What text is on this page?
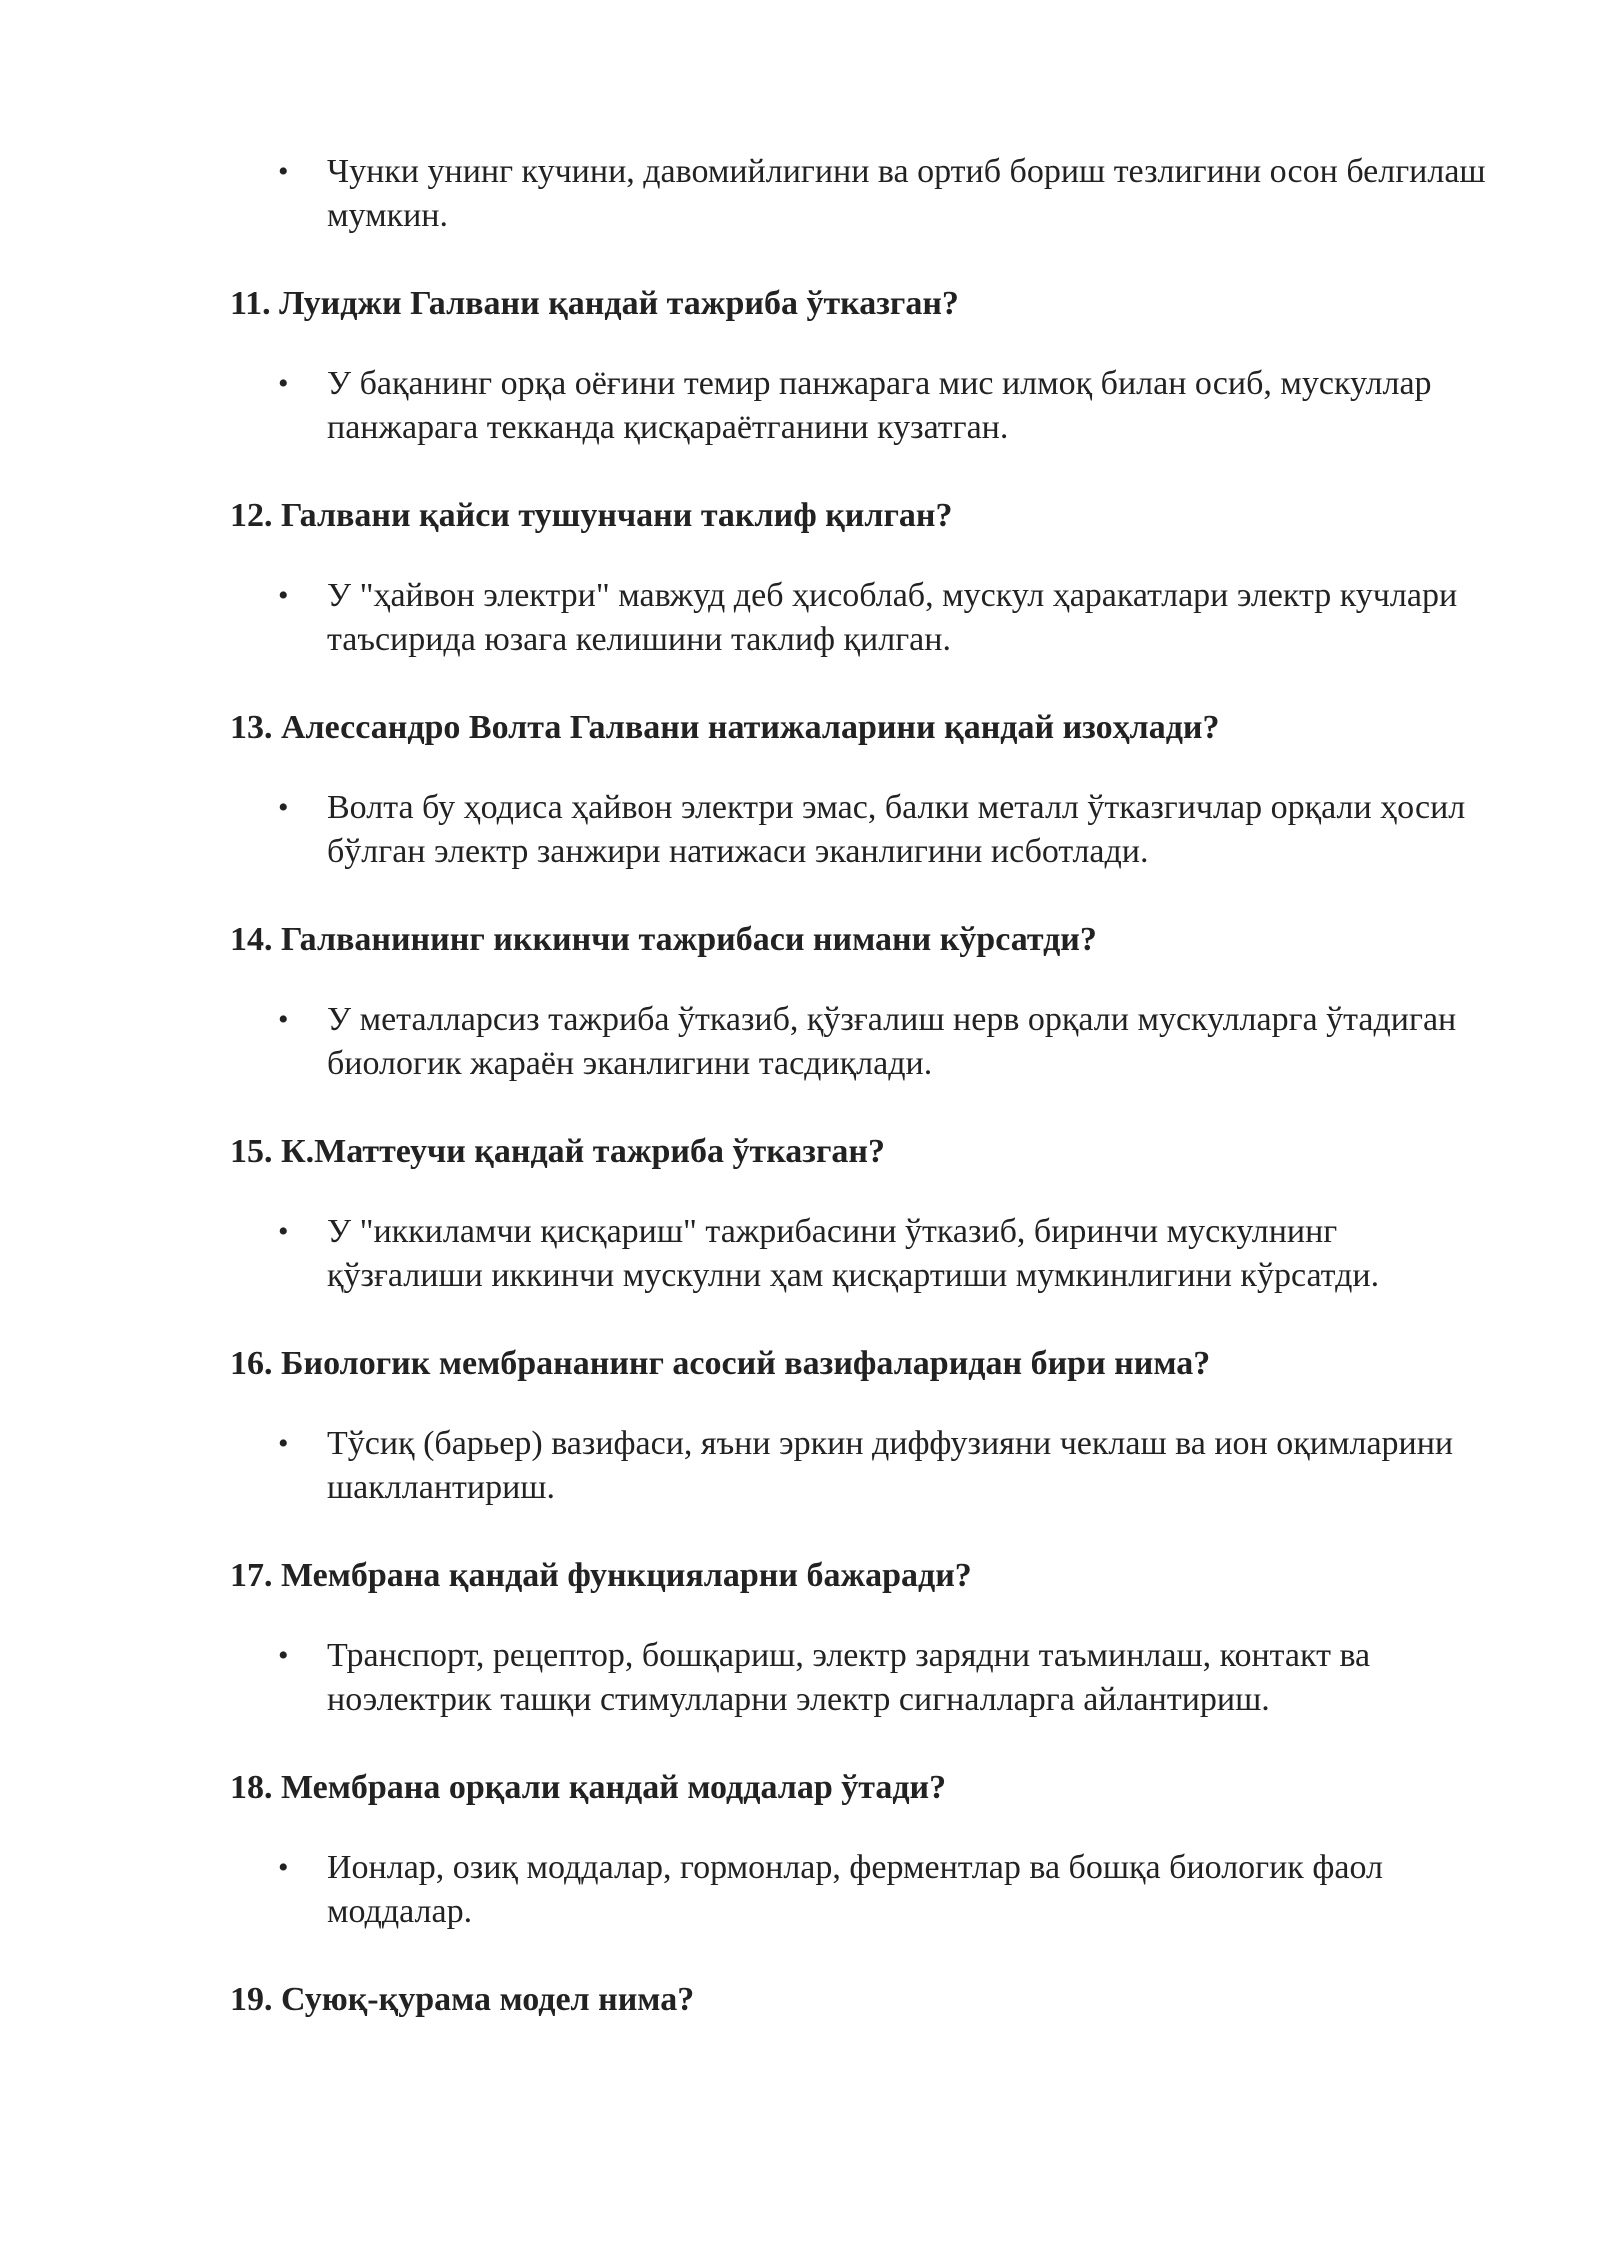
• Чунки унинг кучини, давомийлигини ва ортиб бориш тезлигини осон белгилаш мумкин.

11. Луиджи Галвани қандай тажриба ўтказган?

• У бақанинг орқа оёғини темир панжарага мис илмоқ билан осиб, мускуллар панжарага текканда қисқараётганини кузатган.

12. Галвани қайси тушунчани таклиф қилган?

• У "ҳайвон электри" мавжуд деб ҳисоблаб, мускул ҳаракатлари электр кучлари таъсирида юзага келишини таклиф қилган.

13. Алессандро Волта Галвани натижаларини қандай изоҳлади?

• Волта бу ҳодиса ҳайвон электри эмас, балки металл ўтказгичлар орқали ҳосил бўлган электр занжири натижаси эканлигини исботлади.

14. Галванининг иккинчи тажрибаси нимани кўрсатди?

• У металларсиз тажриба ўтказиб, қўзғалиш нерв орқали мускулларга ўтадиган биологик жараён эканлигини тасдиқлади.

15. К.Маттеучи қандай тажриба ўтказган?

• У "иккиламчи қисқариш" тажрибасини ўтказиб, биринчи мускулнинг қўзғалиши иккинчи мускулни ҳам қисқартиши мумкинлигини кўрсатди.

16. Биологик мембрананинг асосий вазифаларидан бири нима?

• Тўсиқ (барьер) вазифаси, яъни эркин диффузияни чеклаш ва ион оқимларини шакллантириш.

17. Мембрана қандай функцияларни бажаради?

• Транспорт, рецептор, бошқариш, электр зарядни таъминлаш, контакт ва ноэлектрик ташқи стимулларни электр сигналларга айлантириш.

18. Мембрана орқали қандай моддалар ўтади?

• Ионлар, озиқ моддалар, гормонлар, ферментлар ва бошқа биологик фаол моддалар.

19. Суюқ-қурама модел нима?
